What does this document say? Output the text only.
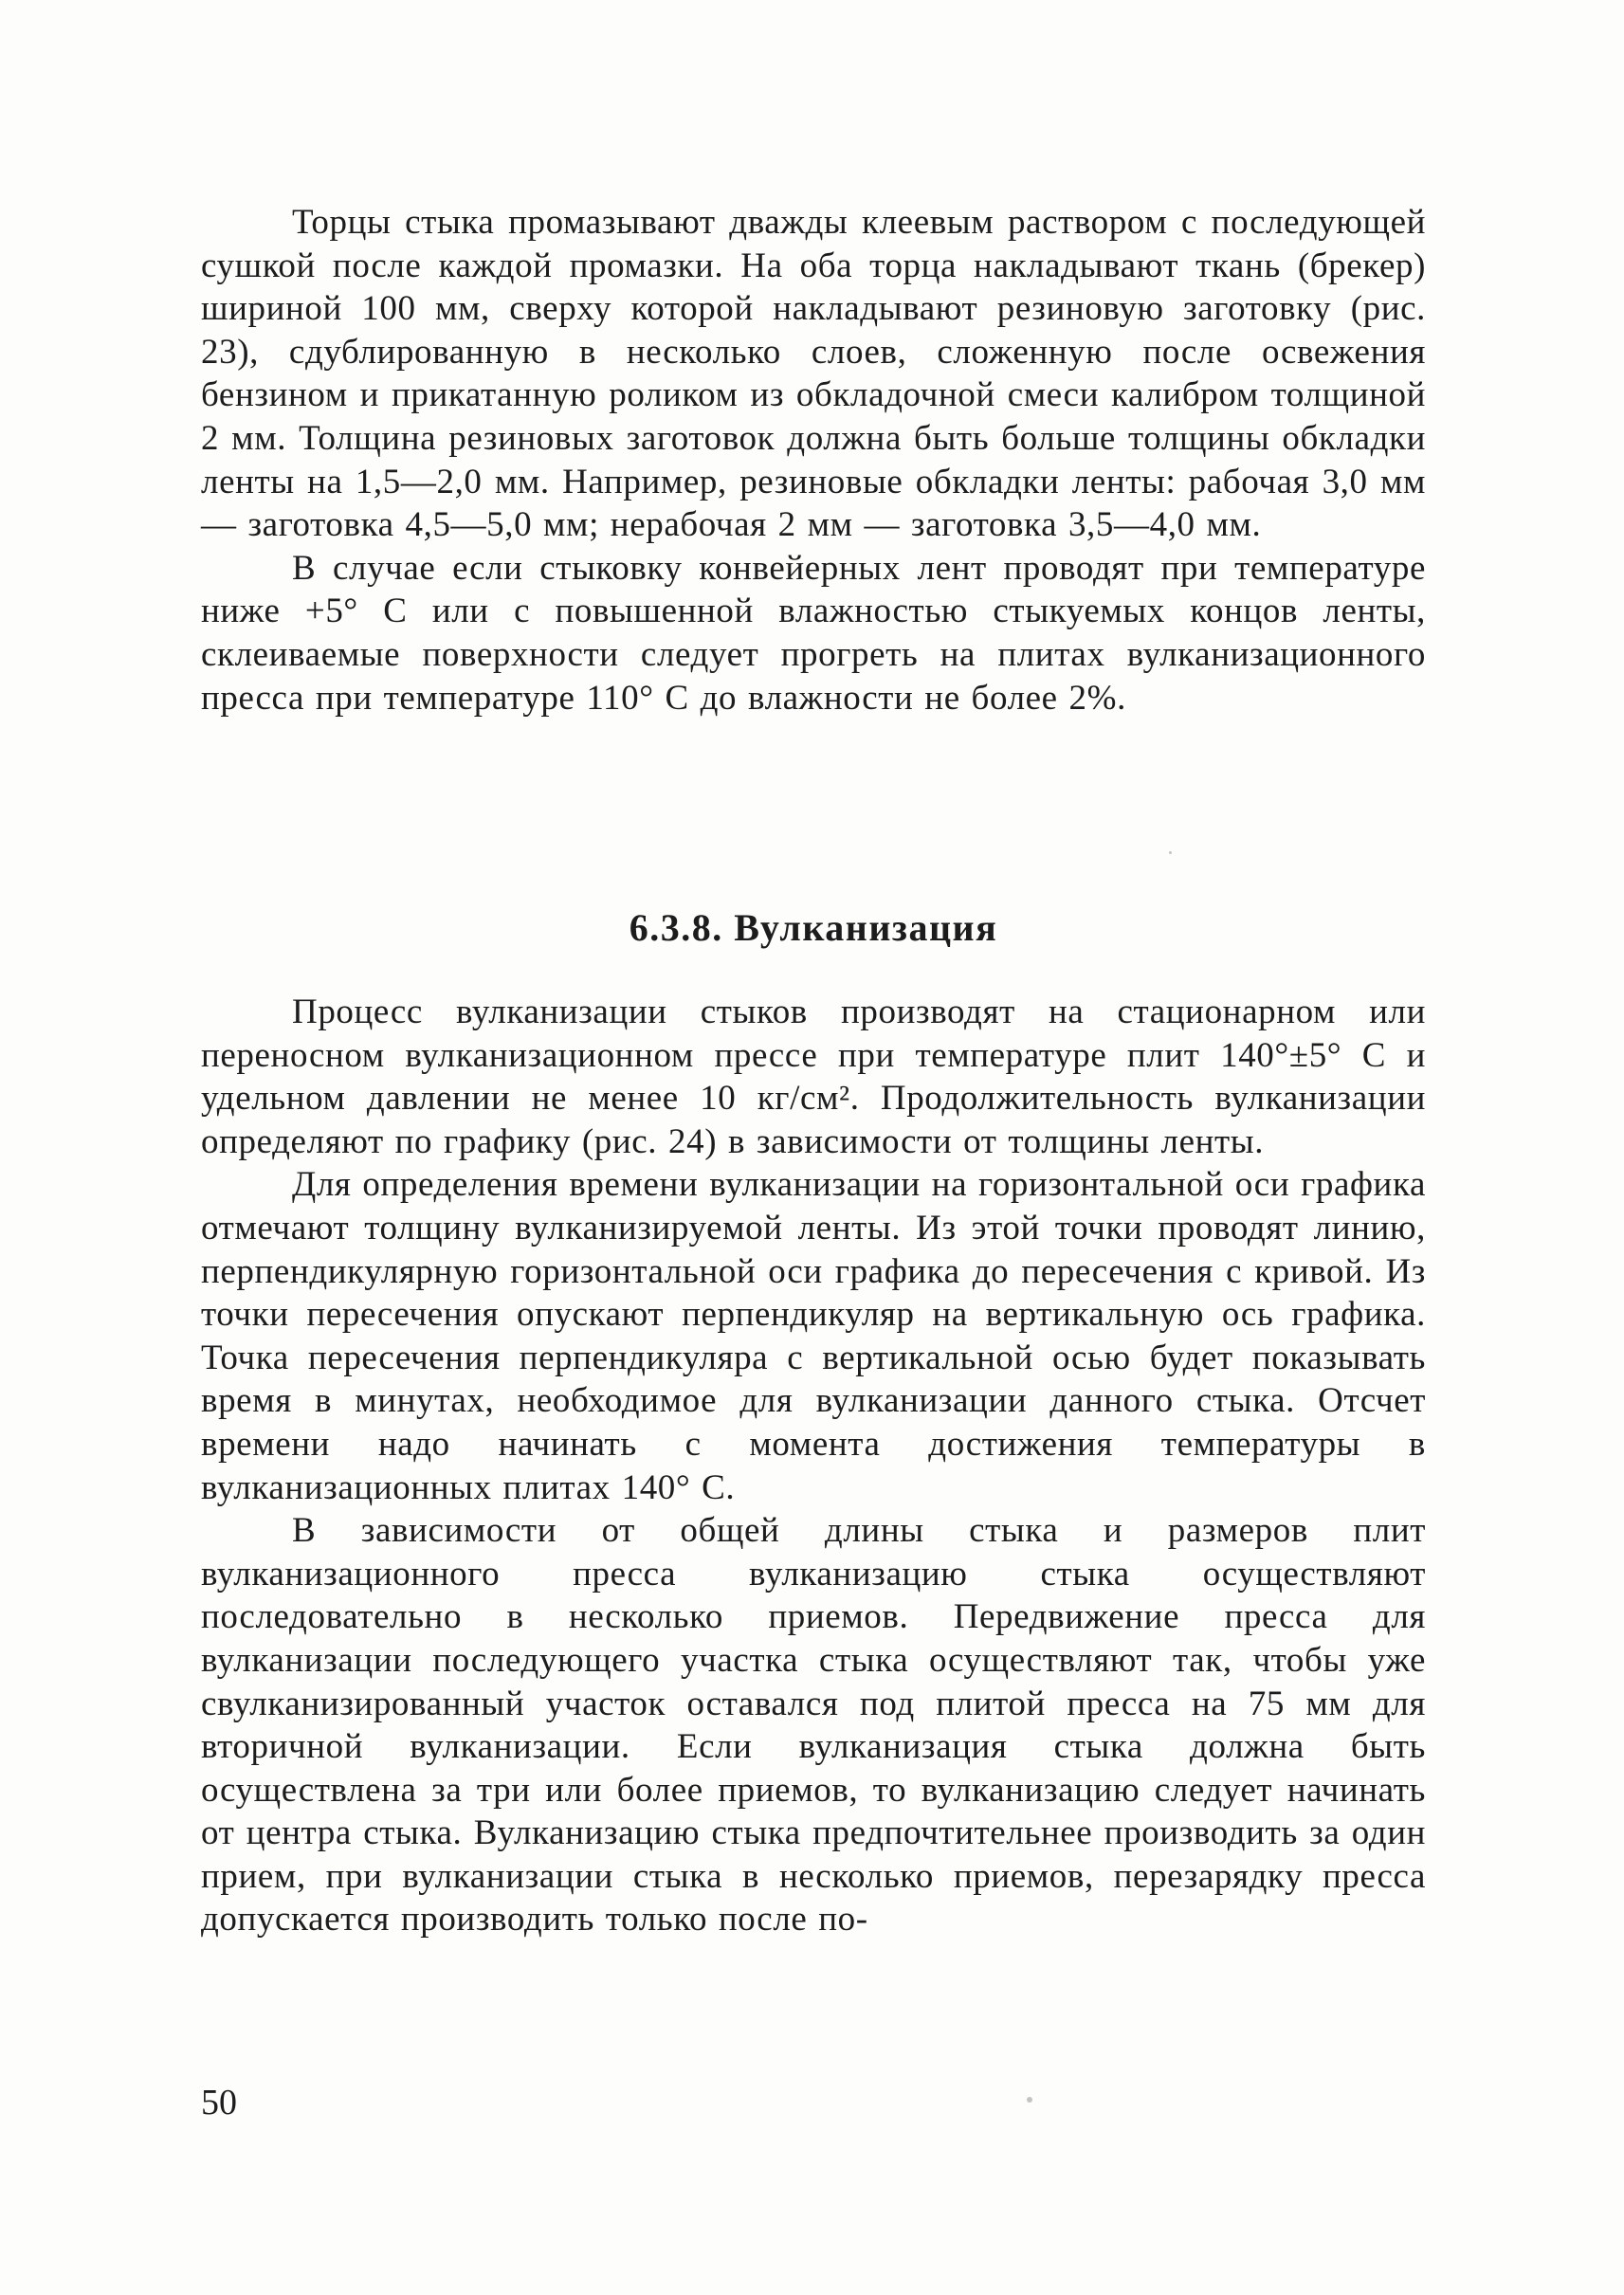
Торцы стыка промазывают дважды клеевым раствором с последующей сушкой после каждой промазки. На оба торца накладывают ткань (брекер) шириной 100 мм, сверху которой накладывают резиновую заготовку (рис. 23), сдублированную в несколько слоев, сложенную после освежения бензином и прикатанную роликом из обкладочной смеси калибром толщиной 2 мм. Толщина резиновых заготовок должна быть больше толщины обкладки ленты на 1,5—2,0 мм. Например, резиновые обкладки ленты: рабочая 3,0 мм — заготовка 4,5—5,0 мм; нерабочая 2 мм — заготовка 3,5—4,0 мм.

В случае если стыковку конвейерных лент проводят при температуре ниже +5° С или с повышенной влажностью стыкуемых концов ленты, склеиваемые поверхности следует прогреть на плитах вулканизационного пресса при температуре 110° С до влажности не более 2%.

6.3.8. Вулканизация

Процесс вулканизации стыков производят на стационарном или переносном вулканизационном прессе при температуре плит 140°±5° С и удельном давлении не менее 10 кг/см². Продолжительность вулканизации определяют по графику (рис. 24) в зависимости от толщины ленты.

Для определения времени вулканизации на горизонтальной оси графика отмечают толщину вулканизируемой ленты. Из этой точки проводят линию, перпендикулярную горизонтальной оси графика до пересечения с кривой. Из точки пересечения опускают перпендикуляр на вертикальную ось графика. Точка пересечения перпендикуляра с вертикальной осью будет показывать время в минутах, необходимое для вулканизации данного стыка. Отсчет времени надо начинать с момента достижения температуры в вулканизационных плитах 140° С.

В зависимости от общей длины стыка и размеров плит вулканизационного пресса вулканизацию стыка осуществляют последовательно в несколько приемов. Передвижение пресса для вулканизации последующего участка стыка осуществляют так, чтобы уже свулканизированный участок оставался под плитой пресса на 75 мм для вторичной вулканизации. Если вулканизация стыка должна быть осуществлена за три или более приемов, то вулканизацию следует начинать от центра стыка. Вулканизацию стыка предпочтительнее производить за один прием, при вулканизации стыка в несколько приемов, перезарядку пресса допускается производить только после по-

50
